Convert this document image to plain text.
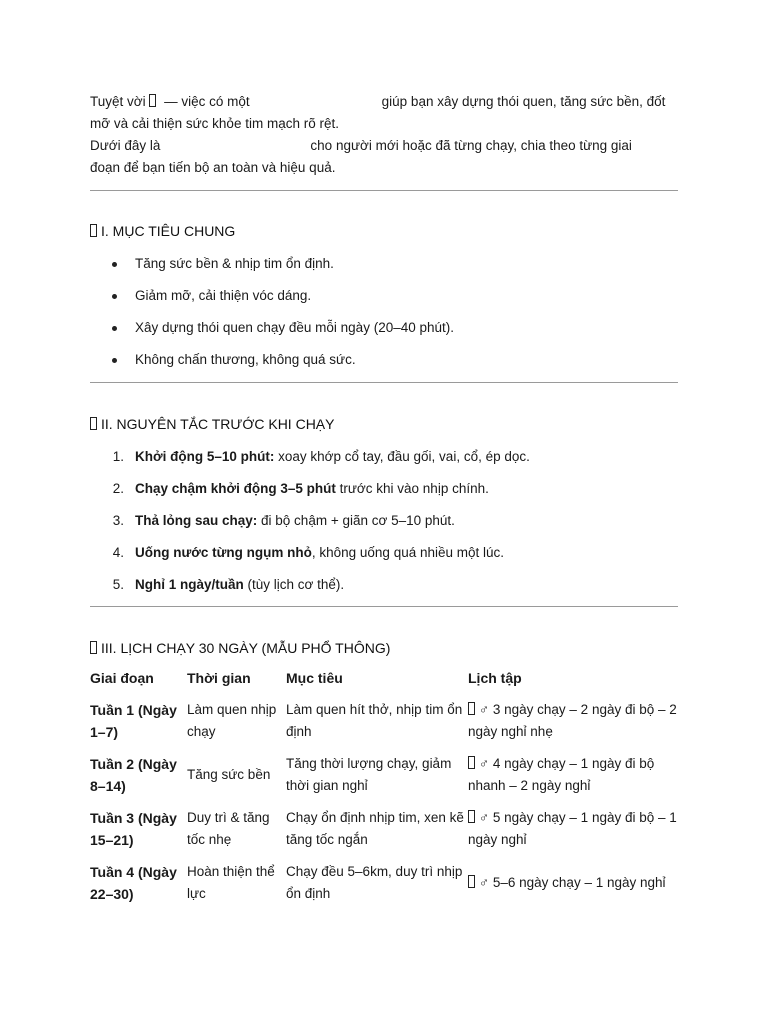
Tuyệt vời  — việc có một	giúp bạn xây dựng thói quen, tăng sức bền, đốt

mỡ và cải thiện sức khỏe tim mạch rõ rệt.

Dưới đây là	cho người mới hoặc đã từng chạy, chia theo từng giai

đoạn để bạn tiến bộ an toàn và hiệu quả.

I. MỤC TIÊU CHUNG
Tăng sức bền & nhịp tim ổn định.
Giảm mỡ, cải thiện vóc dáng.
Xây dựng thói quen chạy đều mỗi ngày (20–40 phút).
Không chấn thương, không quá sức.
II. NGUYÊN TẮC TRƯỚC KHI CHẠY
1. Khởi động 5–10 phút: xoay khớp cổ tay, đầu gối, vai, cổ, ép dọc.
2. Chạy chậm khởi động 3–5 phút trước khi vào nhịp chính.
3. Thả lỏng sau chạy: đi bộ chậm + giãn cơ 5–10 phút.
4. Uống nước từng ngụm nhỏ, không uống quá nhiều một lúc.
5. Nghỉ 1 ngày/tuần (tùy lịch cơ thể).
III. LỊCH CHẠY 30 NGÀY (MẪU PHỔ THÔNG)
Giai đoạn	Thời gian	Mục tiêu	Lịch tập
Tuần 1 (Ngày 1–7)	Làm quen nhịp chạy	Làm quen hít thở, nhịp tim ổn định	♂ 3 ngày chạy – 2 ngày đi bộ – 2 ngày nghỉ nhẹ
Tuần 2 (Ngày 8–14)	Tăng sức bền	Tăng thời lượng chạy, giảm thời gian nghỉ	♂ 4 ngày chạy – 1 ngày đi bộ nhanh – 2 ngày nghỉ
Tuần 3 (Ngày 15–21)	Duy trì & tăng tốc nhẹ	Chạy ổn định nhịp tim, xen kẽ tăng tốc ngắn	♂ 5 ngày chạy – 1 ngày đi bộ – 1 ngày nghỉ
Tuần 4 (Ngày 22–30)	Hoàn thiện thể lực	Chạy đều 5–6km, duy trì nhịp ổn định	♂ 5–6 ngày chạy – 1 ngày nghỉ
